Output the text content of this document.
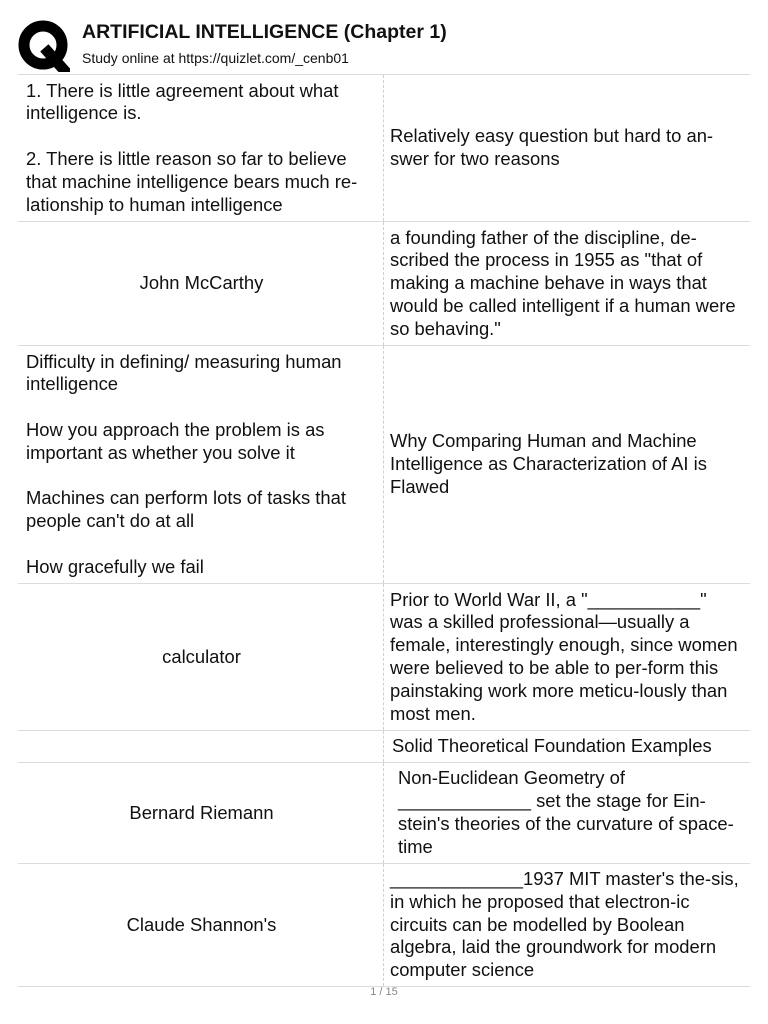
ARTIFICIAL INTELLIGENCE (Chapter 1)
Study online at https://quizlet.com/_cenb01
1. There is little agreement about what intelligence is.

2. There is little reason so far to believe that machine intelligence bears much re-lationship to human intelligence
Relatively easy question but hard to an-swer for two reasons
John McCarthy
a founding father of the discipline, de-scribed the process in 1955 as "that of making a machine behave in ways that would be called intelligent if a human were so behaving."
Difficulty in defining/ measuring human intelligence

How you approach the problem is as important as whether you solve it

Machines can perform lots of tasks that people can't do at all

How gracefully we fail
Why Comparing Human and Machine Intelligence as Characterization of AI is Flawed
calculator
Prior to World War II, a "___________" was a skilled professional—usually a female, interestingly enough, since women were believed to be able to per-form this painstaking work more meticu-lously than most men.
Solid Theoretical Foundation Examples
Bernard Riemann
Non-Euclidean Geometry of _____________ set the stage for Ein-stein's theories of the curvature of space-time
Claude Shannon's
_____________1937 MIT master's the-sis, in which he proposed that electron-ic circuits can be modelled by Boolean algebra, laid the groundwork for modern computer science
1 / 15
